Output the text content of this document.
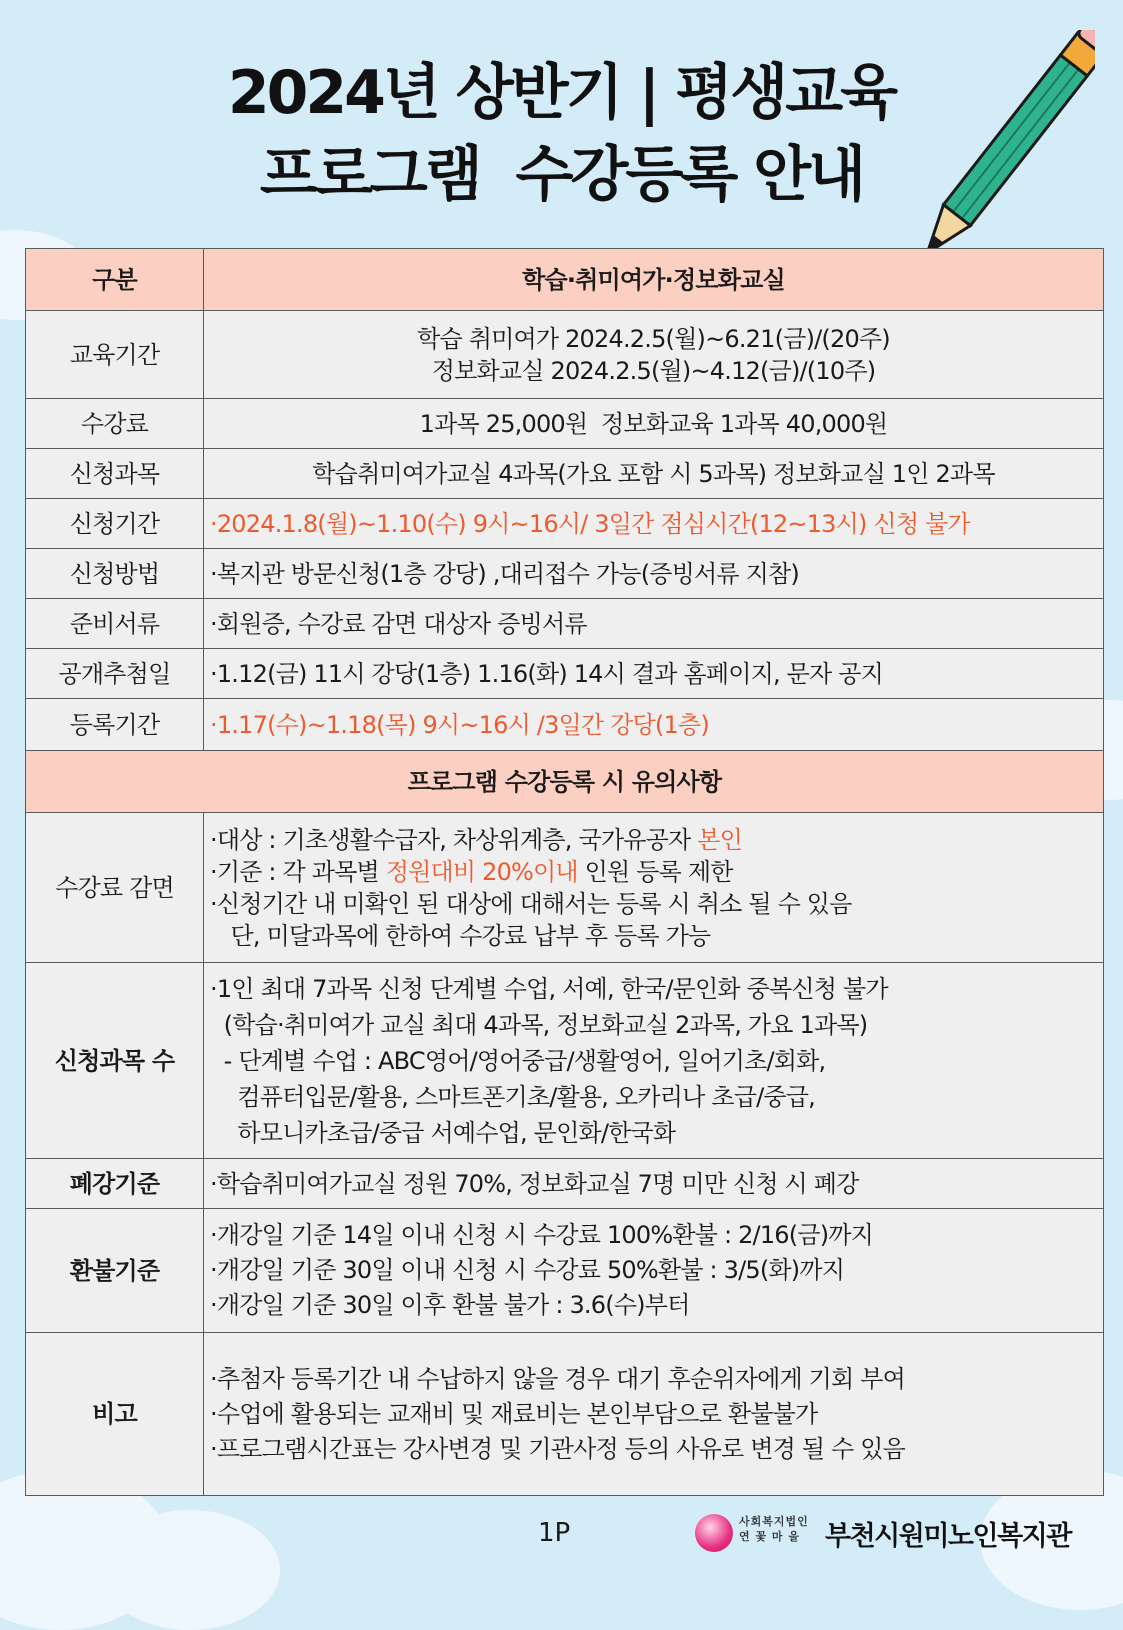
2024년 상반기 | 평생교육
프로그램  수강등록 안내
구분	학습·취미여가·정보화교실
교육기간	학습 취미여가 2024.2.5(월)~6.21(금)/(20주)
정보화교실 2024.2.5(월)~4.12(금)/(10주)

수강료	1과목 25,000원  정보화교육 1과목 40,000원
신청과목	학습취미여가교실 4과목(가요 포함 시 5과목) 정보화교실 1인 2과목
신청기간	·2024.1.8(월)~1.10(수) 9시~16시/ 3일간 점심시간(12~13시) 신청 불가
신청방법	·복지관 방문신청(1층 강당) ,대리접수 가능(증빙서류 지참)
준비서류	·회원증, 수강료 감면 대상자 증빙서류
공개추첨일	·1.12(금) 11시 강당(1층) 1.16(화) 14시 결과 홈페이지, 문자 공지
등록기간	·1.17(수)~1.18(목) 9시~16시 /3일간 강당(1층)
프로그램 수강등록 시 유의사항	
수강료 감면	·대상 : 기초생활수급자, 차상위계층, 국가유공자 본인
·기준 : 각 과목별 정원대비 20%이내 인원 등록 제한
·신청기간 내 미확인 된 대상에 대해서는 등록 시 취소 될 수 있음
단, 미달과목에 한하여 수강료 납부 후 등록 가능

신청과목 수	·1인 최대 7과목 신청 단계별 수업, 서예, 한국/문인화 중복신청 불가
(학습·취미여가 교실 최대 4과목, 정보화교실 2과목, 가요 1과목)
- 단계별 수업 : ABC영어/영어중급/생활영어, 일어기초/회화,
컴퓨터입문/활용, 스마트폰기초/활용, 오카리나 초급/중급,
하모니카초급/중급 서예수업, 문인화/한국화

폐강기준	·학습취미여가교실 정원 70%, 정보화교실 7명 미만 신청 시 폐강
환불기준	·개강일 기준 14일 이내 신청 시 수강료 100%환불 : 2/16(금)까지
·개강일 기준 30일 이내 신청 시 수강료 50%환불 : 3/5(화)까지
·개강일 기준 30일 이후 환불 불가 : 3.6(수)부터

비고	·추첨자 등록기간 내 수납하지 않을 경우 대기 후순위자에게 기회 부여
·수업에 활용되는 교재비 및 재료비는 본인부담으로 환불불가
·프로그램시간표는 강사변경 및 기관사정 등의 사유로 변경 될 수 있음
1P	사회복지법인
연 꽃 마 을 부천시원미노인복지관
